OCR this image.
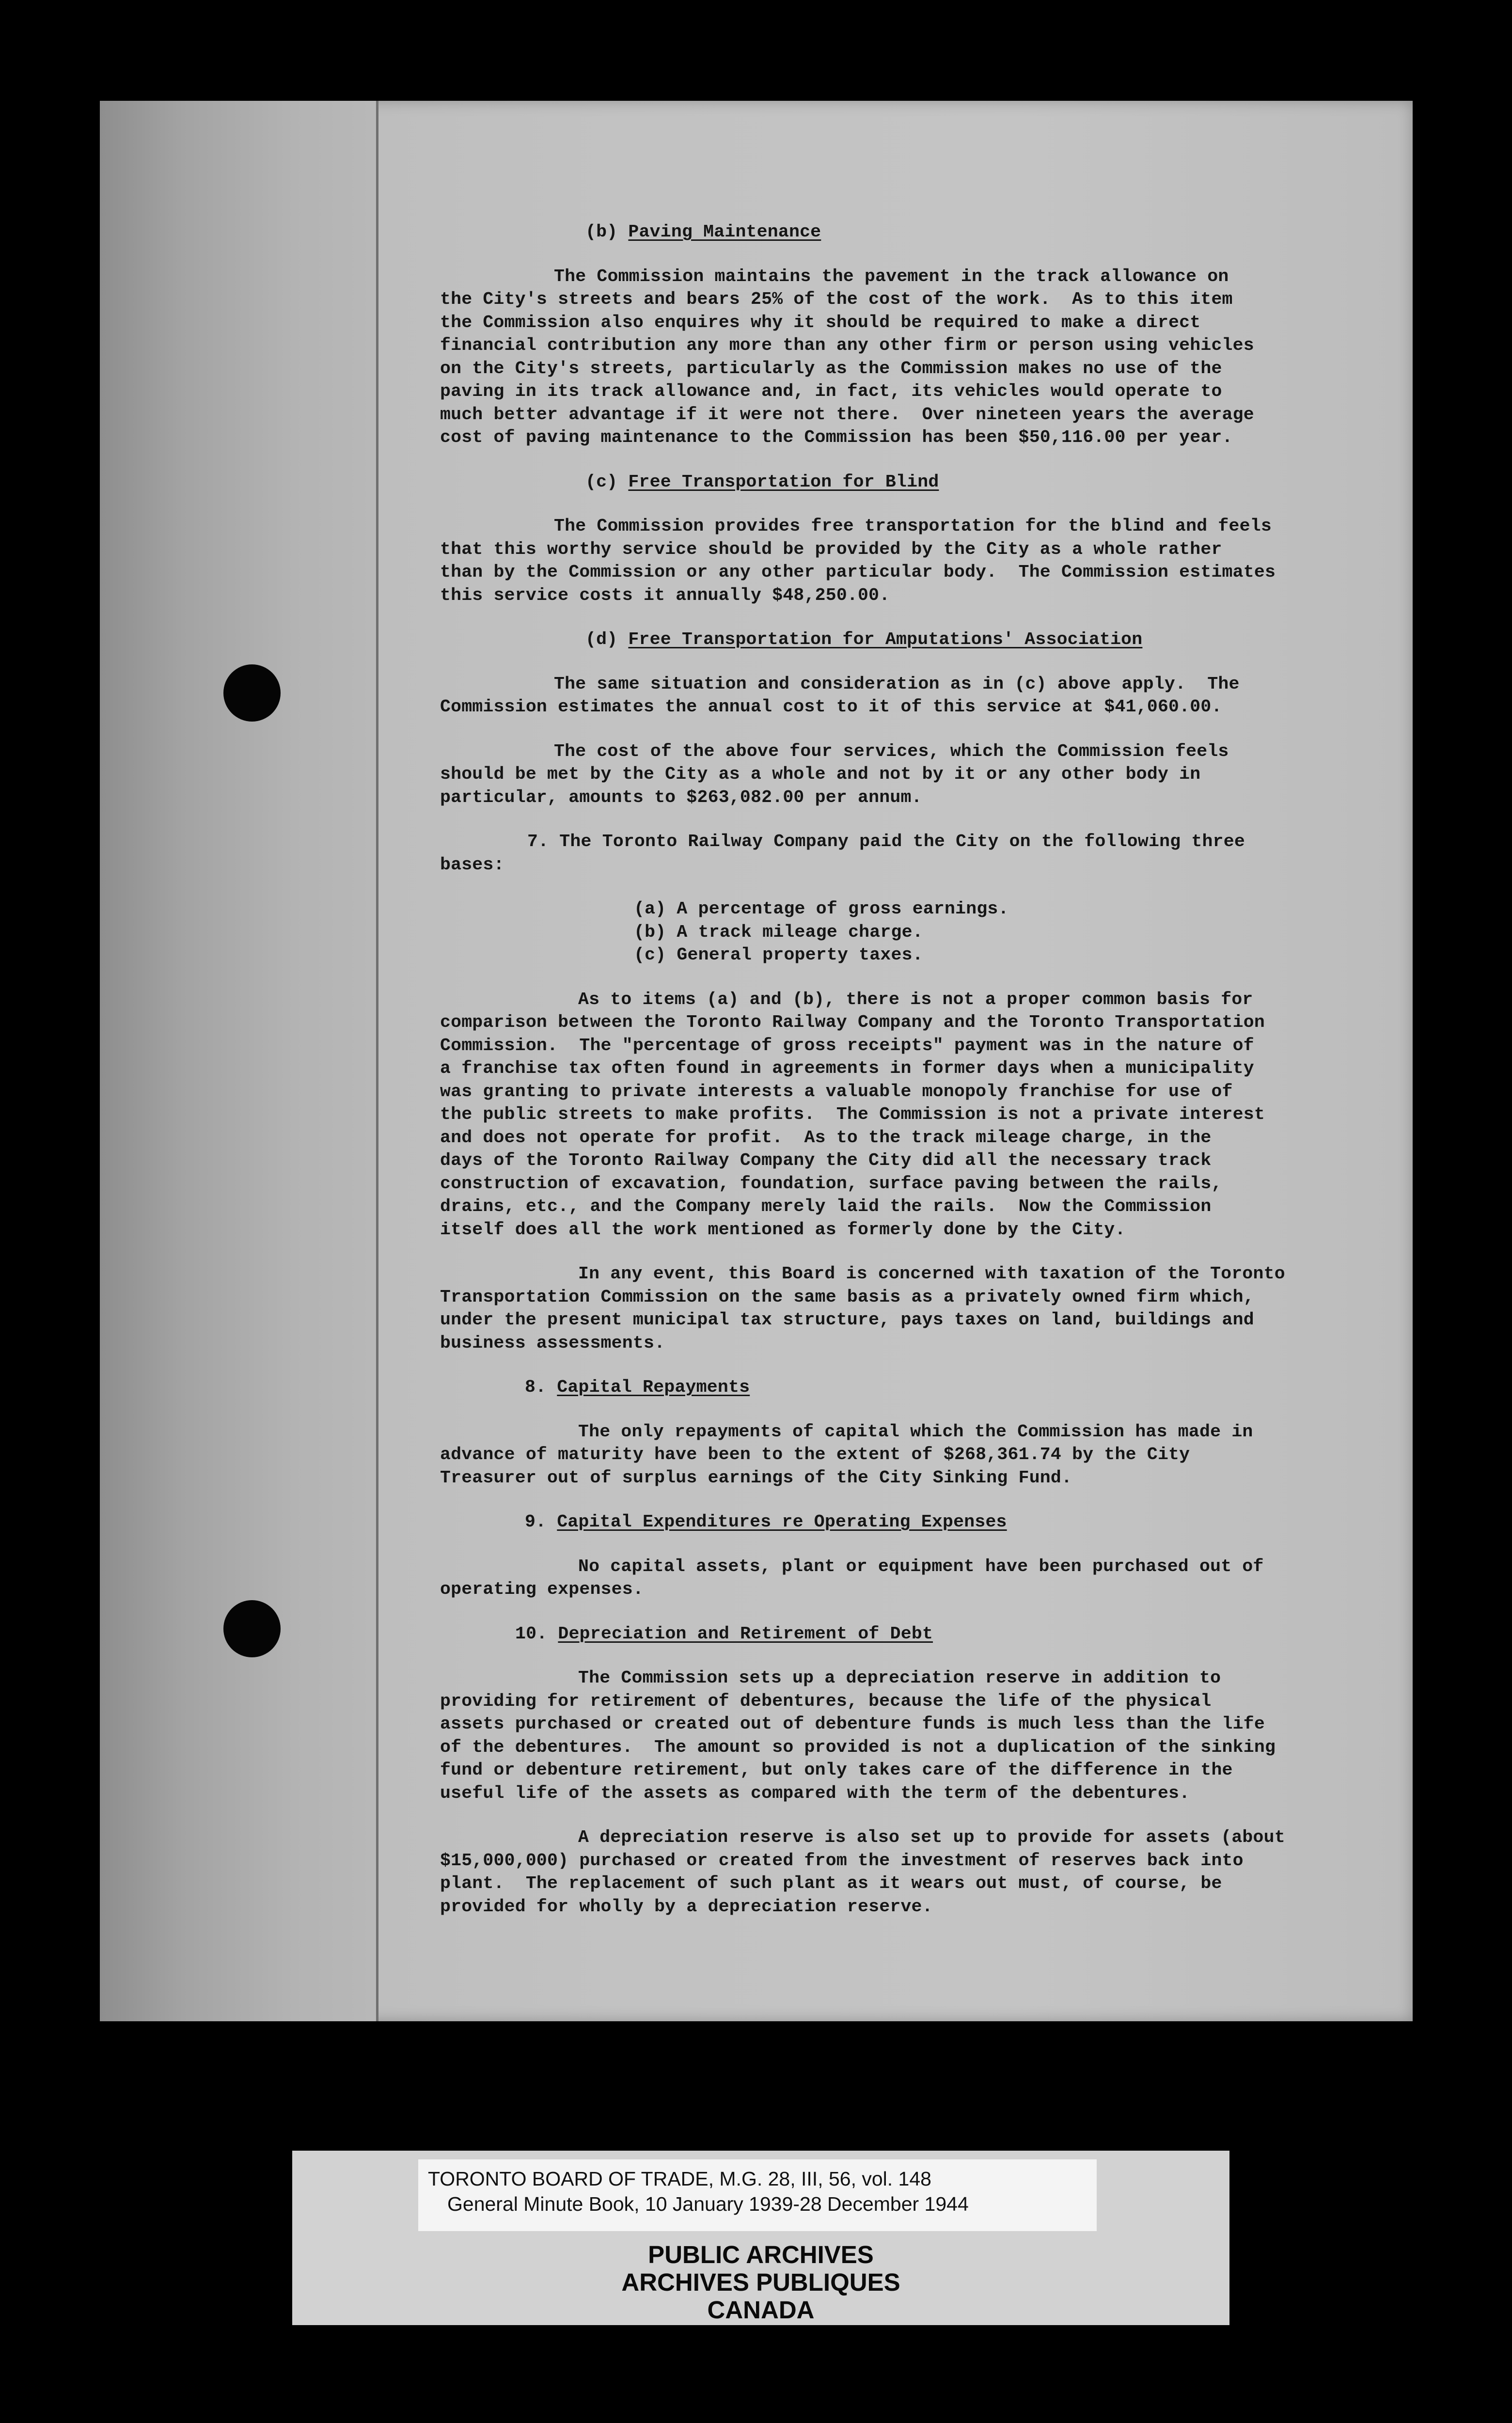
(b) Paving Maintenance

The Commission maintains the pavement in the track allowance on
the City's streets and bears 25% of the cost of the work.  As to this item
the Commission also enquires why it should be required to make a direct
financial contribution any more than any other firm or person using vehicles
on the City's streets, particularly as the Commission makes no use of the
paving in its track allowance and, in fact, its vehicles would operate to
much better advantage if it were not there.  Over nineteen years the average
cost of paving maintenance to the Commission has been $50,116.00 per year.

(c) Free Transportation for Blind

The Commission provides free transportation for the blind and feels
that this worthy service should be provided by the City as a whole rather
than by the Commission or any other particular body.  The Commission estimates
this service costs it annually $48,250.00.

(d) Free Transportation for Amputations' Association

The same situation and consideration as in (c) above apply.  The
Commission estimates the annual cost to it of this service at $41,060.00.

The cost of the above four services, which the Commission feels
should be met by the City as a whole and not by it or any other body in
particular, amounts to $263,082.00 per annum.

7. The Toronto Railway Company paid the City on the following three
bases:

(a) A percentage of gross earnings.
(b) A track mileage charge.
(c) General property taxes.

As to items (a) and (b), there is not a proper common basis for
comparison between the Toronto Railway Company and the Toronto Transportation
Commission.  The "percentage of gross receipts" payment was in the nature of
a franchise tax often found in agreements in former days when a municipality
was granting to private interests a valuable monopoly franchise for use of
the public streets to make profits.  The Commission is not a private interest
and does not operate for profit.  As to the track mileage charge, in the
days of the Toronto Railway Company the City did all the necessary track
construction of excavation, foundation, surface paving between the rails,
drains, etc., and the Company merely laid the rails.  Now the Commission
itself does all the work mentioned as formerly done by the City.

In any event, this Board is concerned with taxation of the Toronto
Transportation Commission on the same basis as a privately owned firm which,
under the present municipal tax structure, pays taxes on land, buildings and
business assessments.

8. Capital Repayments

The only repayments of capital which the Commission has made in
advance of maturity have been to the extent of $268,361.74 by the City
Treasurer out of surplus earnings of the City Sinking Fund.

9. Capital Expenditures re Operating Expenses

No capital assets, plant or equipment have been purchased out of
operating expenses.

10. Depreciation and Retirement of Debt

The Commission sets up a depreciation reserve in addition to
providing for retirement of debentures, because the life of the physical
assets purchased or created out of debenture funds is much less than the life
of the debentures.  The amount so provided is not a duplication of the sinking
fund or debenture retirement, but only takes care of the difference in the
useful life of the assets as compared with the term of the debentures.

A depreciation reserve is also set up to provide for assets (about
$15,000,000) purchased or created from the investment of reserves back into
plant.  The replacement of such plant as it wears out must, of course, be
provided for wholly by a depreciation reserve.

TORONTO BOARD OF TRADE, M.G. 28, III, 56, vol. 148
General Minute Book, 10 January 1939-28 December 1944
PUBLIC ARCHIVES
ARCHIVES PUBLIQUES
CANADA
